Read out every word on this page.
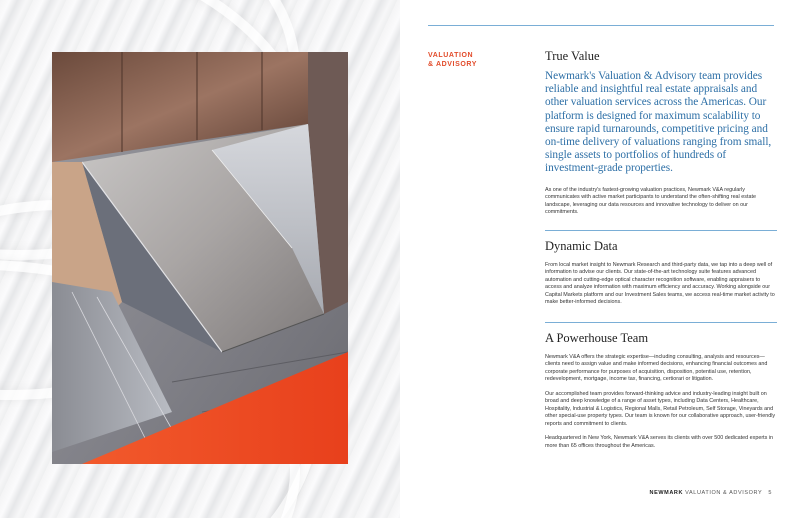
VALUATION
& ADVISORY
True Value
Newmark's Valuation & Advisory team provides reliable and insightful real estate appraisals and other valuation services across the Americas. Our platform is designed for maximum scalability to ensure rapid turnarounds, competitive pricing and on-time delivery of valuations ranging from small, single assets to portfolios of hundreds of investment-grade properties.
As one of the industry's fastest-growing valuation practices, Newmark V&A regularly communicates with active market participants to understand the often-shifting real estate landscape, leveraging our data resources and innovative technology to deliver on our commitments.
Dynamic Data
From local market insight to Newmark Research and third-party data, we tap into a deep well of information to advise our clients. Our state-of-the-art technology suite features advanced automation and cutting-edge optical character recognition software, enabling appraisers to access and analyze information with maximum efficiency and accuracy. Working alongside our Capital Markets platform and our Investment Sales teams, we access real-time market activity to make better-informed decisions.
A Powerhouse Team
Newmark V&A offers the strategic expertise—including consulting, analysis and resources—clients need to assign value and make informed decisions, enhancing financial outcomes and corporate performance for purposes of acquisition, disposition, potential use, retention, redevelopment, mortgage, income tax, financing, certiorari or litigation.
Our accomplished team provides forward-thinking advice and industry-leading insight built on broad and deep knowledge of a range of asset types, including Data Centers, Healthcare, Hospitality, Industrial & Logistics, Regional Malls, Retail Petroleum, Self Storage, Vineyards and other special-use property types. Our team is known for our collaborative approach, user-friendly reports and commitment to clients.
Headquartered in New York, Newmark V&A serves its clients with over 500 dedicated experts in more than 65 offices throughout the Americas.
NEWMARK VALUATION & ADVISORY 5
